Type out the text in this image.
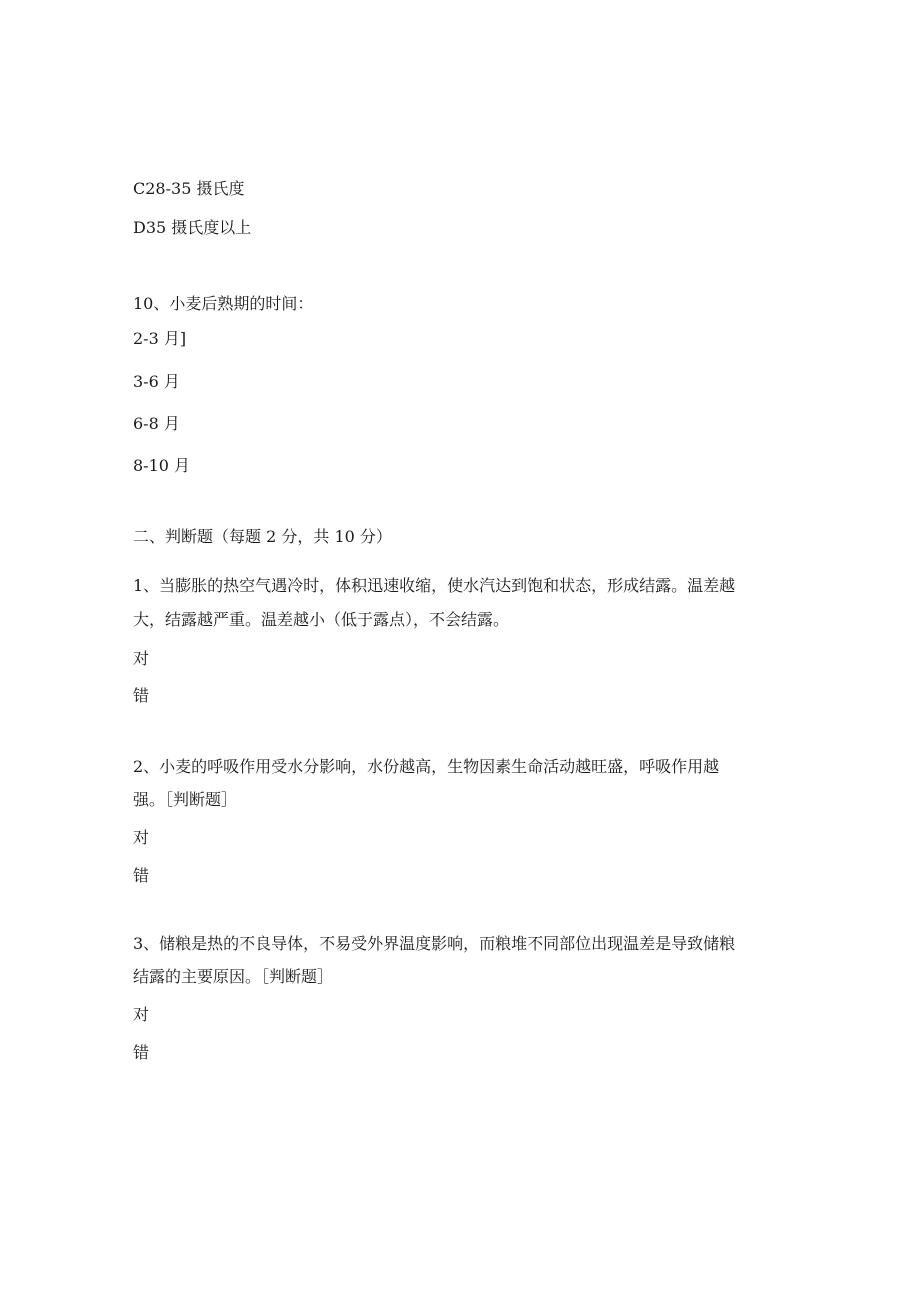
C28-35 摄氏度
D35 摄氏度以上
10、小麦后熟期的时间：
2-3 月]
3-6 月
6-8 月
8-10 月
二、判断题（每题 2 分，共 10 分）
1、当膨胀的热空气遇冷时，体积迅速收缩，使水汽达到饱和状态，形成结露。温差越
大，结露越严重。温差越小（低于露点），不会结露。
对
错
2、小麦的呼吸作用受水分影响，水份越高，生物因素生命活动越旺盛，呼吸作用越
强。［判断题］
对
错
3、储粮是热的不良导体，不易受外界温度影响，而粮堆不同部位出现温差是导致储粮
结露的主要原因。［判断题］
对
错
